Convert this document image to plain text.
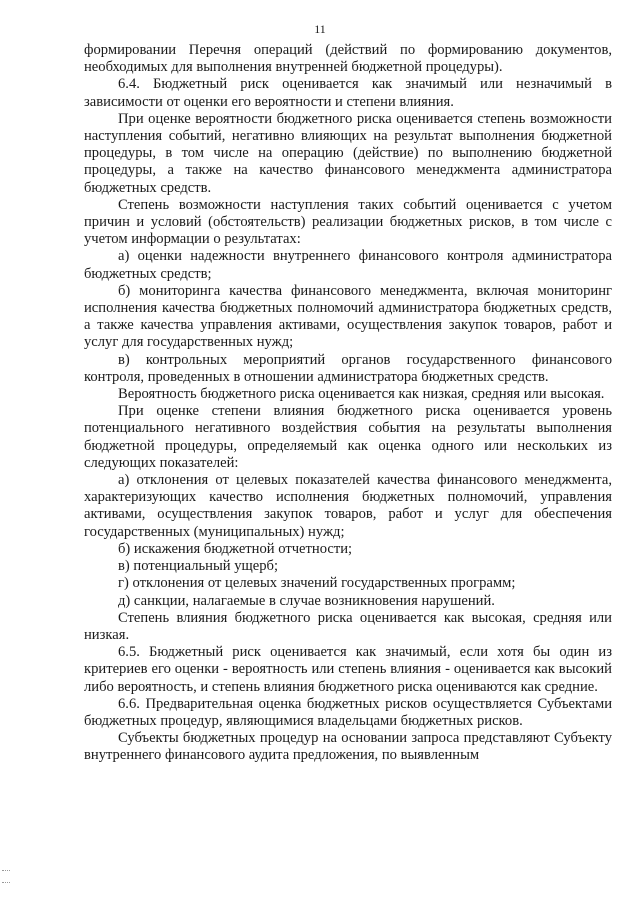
11

формировании Перечня операций (действий по формированию документов, необходимых для выполнения внутренней бюджетной процедуры).

6.4. Бюджетный риск оценивается как значимый или незначимый в зависимости от оценки его вероятности и степени влияния.

При оценке вероятности бюджетного риска оценивается степень возможности наступления событий, негативно влияющих на результат выполнения бюджетной процедуры, в том числе на операцию (действие) по выполнению бюджетной процедуры, а также на качество финансового менеджмента администратора бюджетных средств.

Степень возможности наступления таких событий оценивается с учетом причин и условий (обстоятельств) реализации бюджетных рисков, в том числе с учетом информации о результатах:

а) оценки надежности внутреннего финансового контроля администратора бюджетных средств;

б) мониторинга качества финансового менеджмента, включая мониторинг исполнения качества бюджетных полномочий администратора бюджетных средств, а также качества управления активами, осуществления закупок товаров, работ и услуг для государственных нужд;

в) контрольных мероприятий органов государственного финансового контроля, проведенных в отношении администратора бюджетных средств.

Вероятность бюджетного риска оценивается как низкая, средняя или высокая.

При оценке степени влияния бюджетного риска оценивается уровень потенциального негативного воздействия события на результаты выполнения бюджетной процедуры, определяемый как оценка одного или нескольких из следующих показателей:

а) отклонения от целевых показателей качества финансового менеджмента, характеризующих качество исполнения бюджетных полномочий, управления активами, осуществления закупок товаров, работ и услуг для обеспечения государственных (муниципальных) нужд;

б) искажения бюджетной отчетности;

в) потенциальный ущерб;

г) отклонения от целевых значений государственных программ;

д) санкции, налагаемые в случае возникновения нарушений.

Степень влияния бюджетного риска оценивается как высокая, средняя или низкая.

6.5. Бюджетный риск оценивается как значимый, если хотя бы один из критериев его оценки - вероятность или степень влияния - оценивается как высокий либо вероятность, и степень влияния бюджетного риска оцениваются как средние.

6.6. Предварительная оценка бюджетных рисков осуществляется Субъектами бюджетных процедур, являющимися владельцами бюджетных рисков.

Субъекты бюджетных процедур на основании запроса представляют Субъекту внутреннего финансового аудита предложения, по выявленным
